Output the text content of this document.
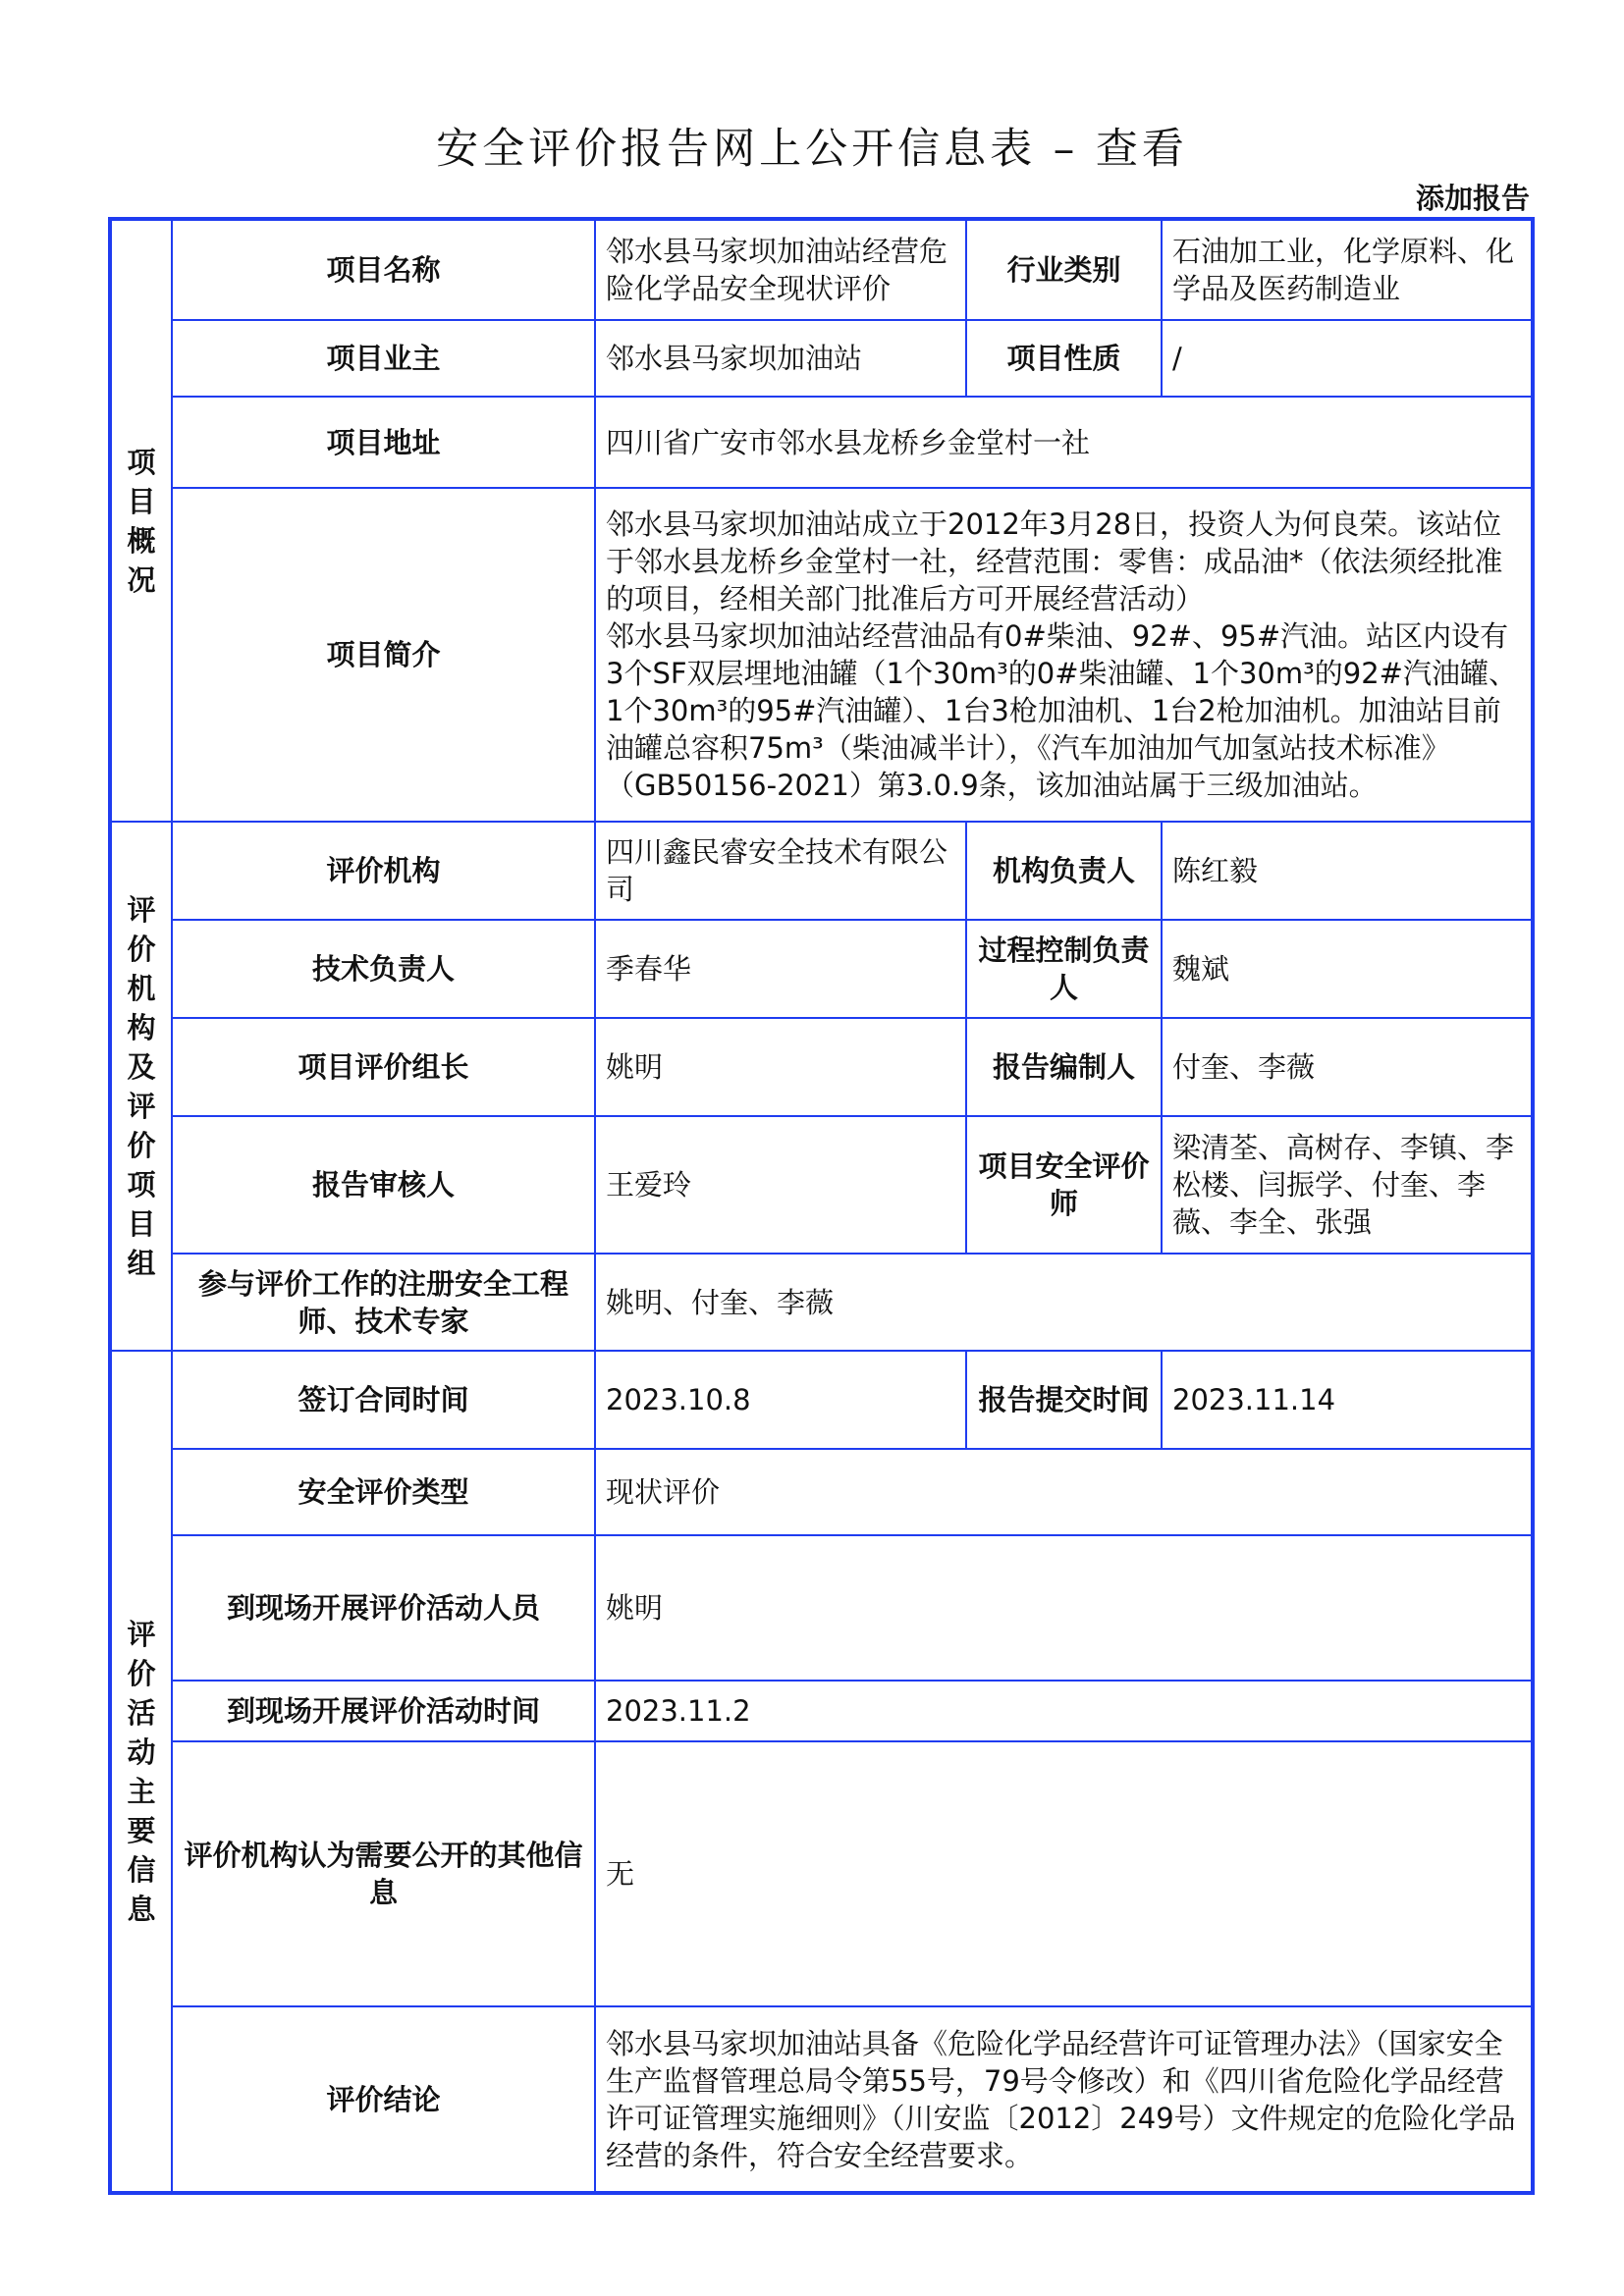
安全评价报告网上公开信息表 – 查看
添加报告
项目概况	项目名称	邻水县马家坝加油站经营危险化学品安全现状评价	行业类别	石油加工业，化学原料、化学品及医药制造业
	项目业主	邻水县马家坝加油站	项目性质	/
	项目地址	四川省广安市邻水县龙桥乡金堂村一社		
	项目简介	邻水县马家坝加油站成立于2012年3月28日，投资人为何良荣。该站位于邻水县龙桥乡金堂村一社，经营范围：零售：成品油*（依法须经批准的项目，经相关部门批准后方可开展经营活动）
邻水县马家坝加油站经营油品有0#柴油、92#、95#汽油。站区内设有3个SF双层埋地油罐（1个30m³的0#柴油罐、1个30m³的92#汽油罐、1个30m³的95#汽油罐）、1台3枪加油机、1台2枪加油机。加油站目前油罐总容积75m³（柴油减半计），《汽车加油加气加氢站技术标准》（GB50156-2021）第3.0.9条，该加油站属于三级加油站。		

评价机构及评价项目组	评价机构	四川鑫民睿安全技术有限公司	机构负责人	陈红毅
	技术负责人	季春华	过程控制负责人	魏斌
	项目评价组长	姚明	报告编制人	付奎、李薇
	报告审核人	王爱玲	项目安全评价师	梁清荃、高树存、李镇、李松楼、闫振学、付奎、李薇、李全、张强
	参与评价工作的注册安全工程师、技术专家	姚明、付奎、李薇		
评价活动主要信息	签订合同时间	2023.10.8	报告提交时间	2023.11.14
	安全评价类型	现状评价		
	到现场开展评价活动人员	姚明		
	到现场开展评价活动时间	2023.11.2		
	评价机构认为需要公开的其他信息	无		
	评价结论	邻水县马家坝加油站具备《危险化学品经营许可证管理办法》（国家安全生产监督管理总局令第55号，79号令修改）和《四川省危险化学品经营许可证管理实施细则》（川安监〔2012〕249号）文件规定的危险化学品经营的条件，符合安全经营要求。		
